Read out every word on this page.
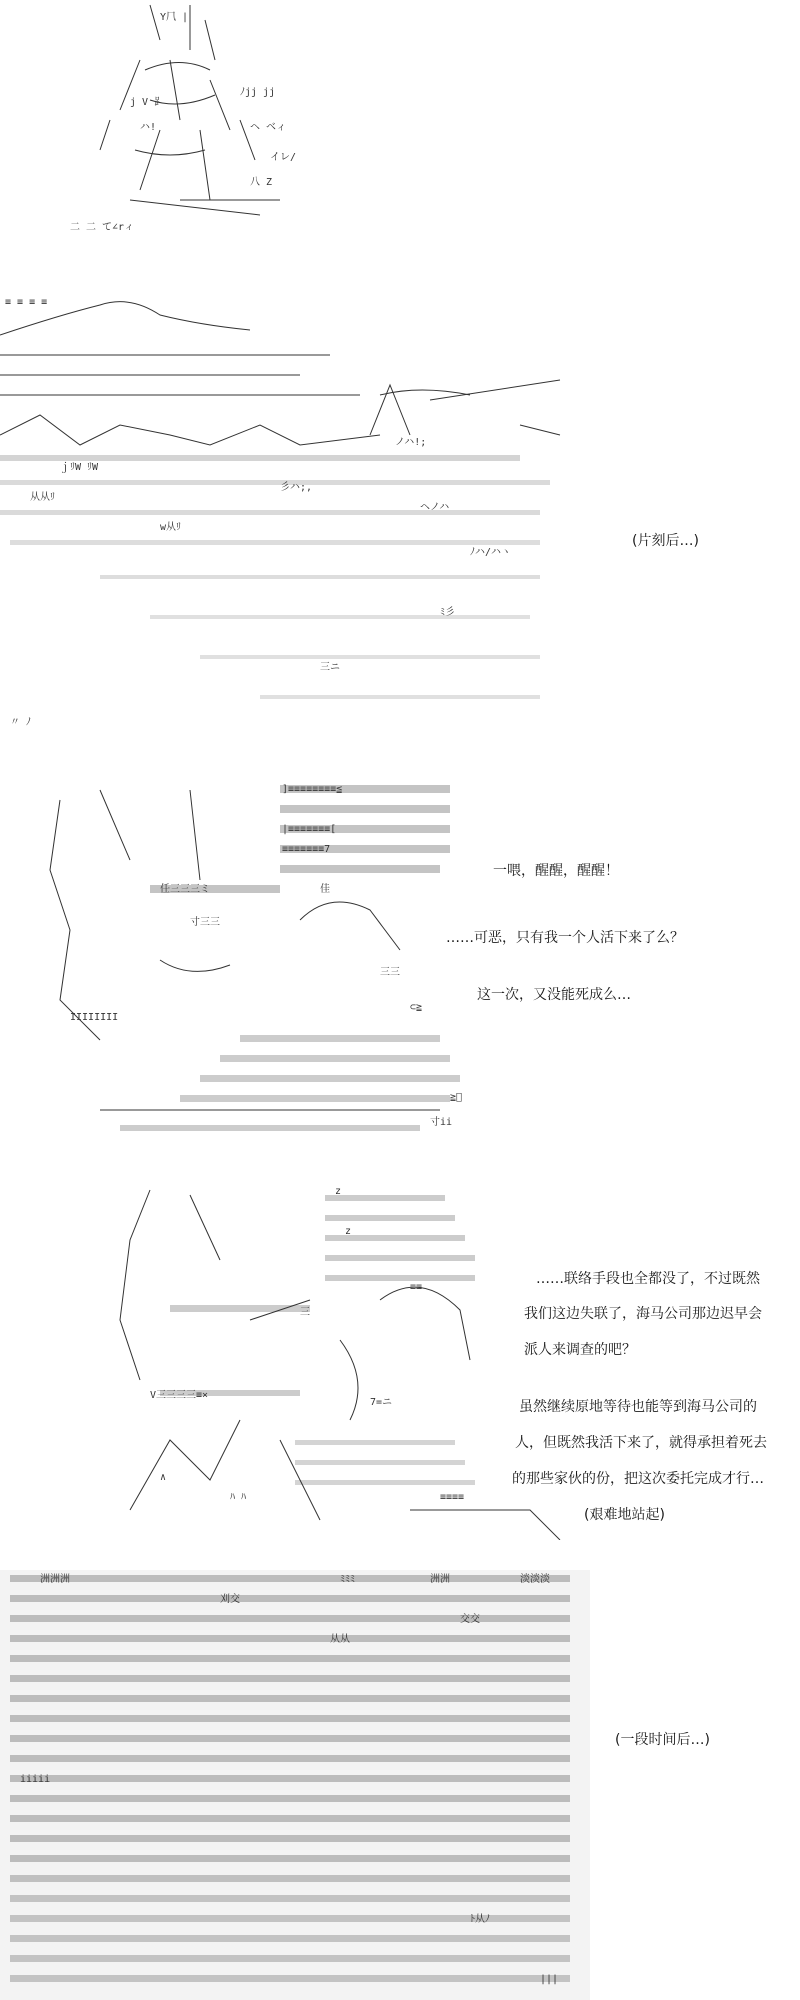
Y⺇ |
j V ⻊
ハ!
ﾉjj jj
二 二 て∠rィ
ヘ ベィ
イレ/
八 Z
≡ ≡ ≡ ≡
ノハ!;
ｊﾘW ﾘW
从从ﾘ
w从ﾘ
彡ハ;,
ヘノハ
ﾉハ/ハヽ
〃 ﾉ
三ニ
ﾐ彡
(片刻后…)
]≡≡≡≡≡≡≡≡≦
|≡≡≡≡≡≡≡[
≡≡≡≡≡≡≡7
任三三三ミ	佳
寸三三
IIIIIIII
⊂≧
≧ﾟ
寸ii
三三
一喂，醒醒，醒醒！
……可恶，只有我一个人活下来了么？
这一次，又没能死成么…
z
z
≡≡
三
V三三三三≡×
7=ニ
≡≡≡≡
∧
ﾊ ﾊ
……联络手段也全都没了，不过既然
我们这边失联了，海马公司那边迟早会
派人来调查的吧？
虽然继续原地等待也能等到海马公司的
人，但既然我活下来了，就得承担着死去
的那些家伙的份，把这次委托完成才行…
(艰难地站起)
洲洲洲
刈交
交交
从从
洲洲
ﾐﾐﾐ	淡淡淡
iiiii
ﾄ从ﾉ
|||
(一段时间后…)
